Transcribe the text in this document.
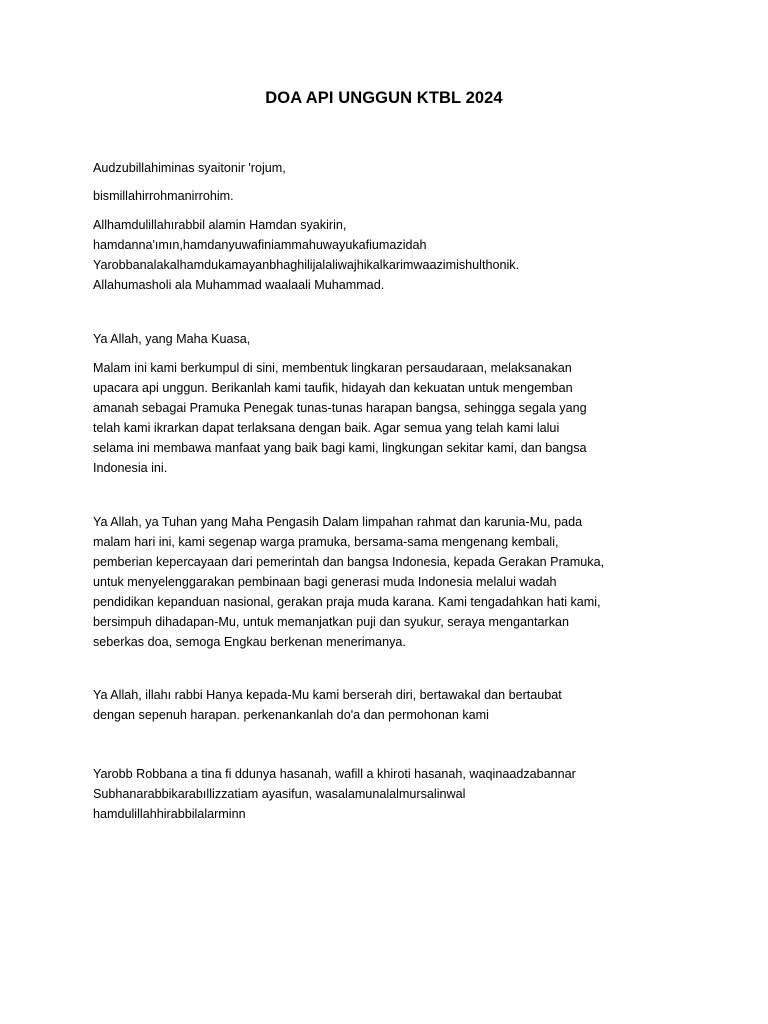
DOA API UNGGUN KTBL 2024
Audzubillahiminas syaitonir 'rojum,
bismillahirrohmanirrohim.
Allhamdulillahırabbil alamin Hamdan syakirin,
hamdanna'ımın,hamdanyuwafiniammahuwayukafiumazidah
Yarobbanalakalhamdukamayanbhaghilijalaliwajhikalkarimwaazimishulthonik.
Allahumasholi ala Muhammad waalaali Muhammad.
Ya Allah, yang Maha Kuasa,
Malam ini kami berkumpul di sini, membentuk lingkaran persaudaraan, melaksanakan
upacara api unggun. Berikanlah kami taufik, hidayah dan kekuatan untuk mengemban
amanah sebagai Pramuka Penegak tunas-tunas harapan bangsa, sehingga segala yang
telah kami ikrarkan dapat terlaksana dengan baik. Agar semua yang telah kami lalui
selama ini membawa manfaat yang baik bagi kami, lingkungan sekitar kami, dan bangsa
Indonesia ini.
Ya Allah, ya Tuhan yang Maha Pengasih Dalam limpahan rahmat dan karunia-Mu, pada
malam hari ini, kami segenap warga pramuka, bersama-sama mengenang kembali,
pemberian kepercayaan dari pemerintah dan bangsa Indonesia, kepada Gerakan Pramuka,
untuk menyelenggarakan pembinaan bagi generasi muda Indonesia melalui wadah
pendidikan kepanduan nasional, gerakan praja muda karana. Kami tengadahkan hati kami,
bersimpuh dihadapan-Mu, untuk memanjatkan puji dan syukur, seraya mengantarkan
seberkas doa, semoga Engkau berkenan menerimanya.
Ya Allah, illahı rabbi Hanya kepada-Mu kami berserah diri, bertawakal dan bertaubat
dengan sepenuh harapan. perkenankanlah do'a dan permohonan kami
Yarobb Robbana a tina fi ddunya hasanah, wafill a khiroti hasanah, waqinaadzabannar
Subhanarabbikarabıllizzatiam ayasifun, wasalamunalalmursalinwal
hamdulillahhirabbilalarminn
